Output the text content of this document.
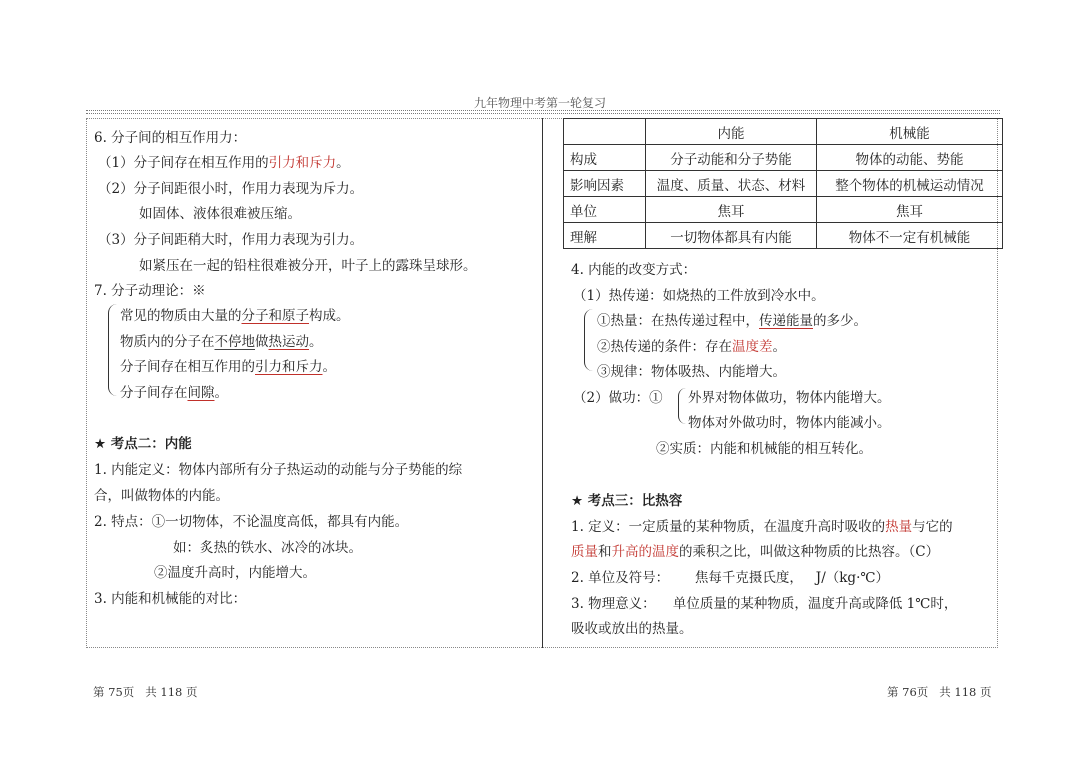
九年物理中考第一轮复习
6. 分子间的相互作用力：
（1）分子间存在相互作用的引力和斥力。
（2）分子间距很小时，作用力表现为斥力。
如固体、液体很难被压缩。
（3）分子间距稍大时，作用力表现为引力。
如紧压在一起的铅柱很难被分开，叶子上的露珠呈球形。
7. 分子动理论：※
常见的物质由大量的分子和原子构成。
物质内的分子在不停地做热运动。
分子间存在相互作用的引力和斥力。
分子间存在间隙。
★ 考点二：内能
1. 内能定义：物体内部所有分子热运动的动能与分子势能的综
合，叫做物体的内能。
2. 特点：①一切物体，不论温度高低，都具有内能。
如：炙热的铁水、冰冷的冰块。
②温度升高时，内能增大。
3. 内能和机械能的对比：
	内能	机械能
构成	分子动能和分子势能	物体的动能、势能
影响因素	温度、质量、状态、材料	整个物体的机械运动情况
单位	焦耳	焦耳
理解	一切物体都具有内能	物体不一定有机械能
4. 内能的改变方式：
（1）热传递：如烧热的工件放到冷水中。
①热量：在热传递过程中，传递能量的多少。
②热传递的条件：存在温度差。
③规律：物体吸热、内能增大。
（2）做功：① 外界对物体做功，物体内能增大。
物体对外做功时，物体内能减小。
②实质：内能和机械能的相互转化。
★ 考点三：比热容
1. 定义：一定质量的某种物质，在温度升高时吸收的热量与它的
质量和升高的温度的乘积之比，叫做这种物质的比热容。（C）
2. 单位及符号：      焦每千克摄氏度，   J/（kg·℃）
3. 物理意义：    单位质量的某种物质，温度升高或降低 1℃时，
吸收或放出的热量。
第 75页   共 118 页	第 76页   共 118 页
